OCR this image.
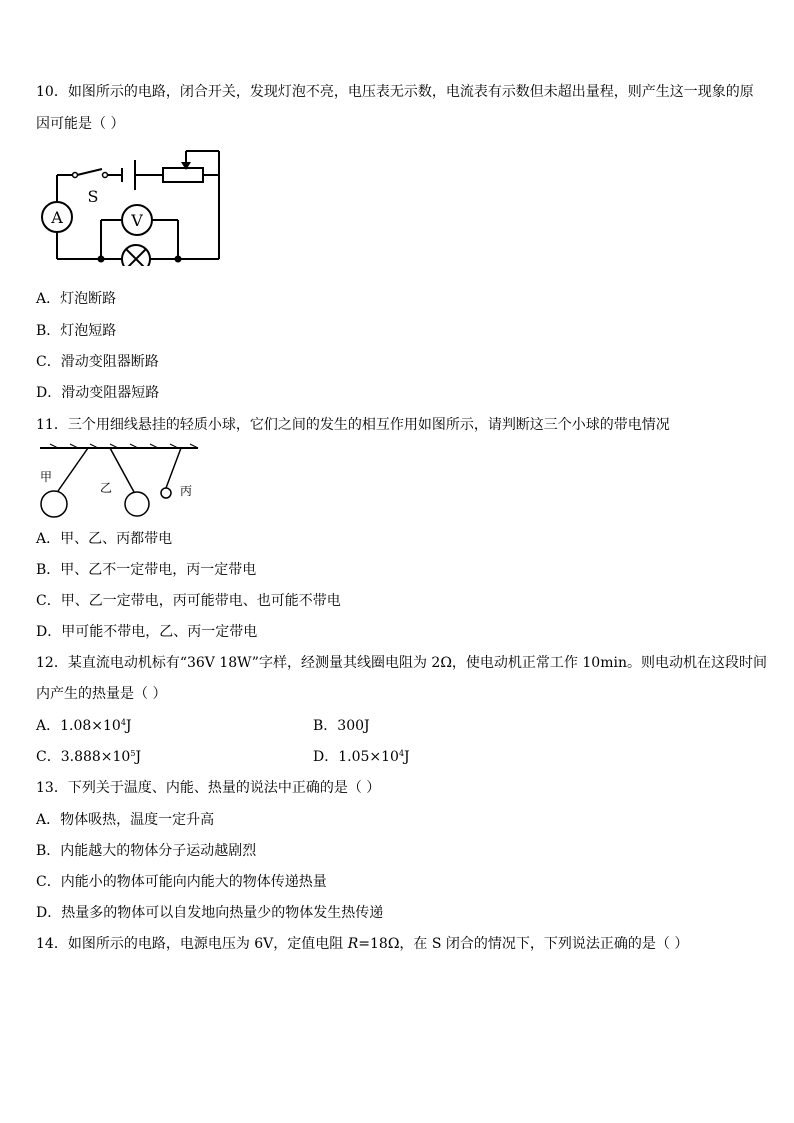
10．如图所示的电路，闭合开关，发现灯泡不亮，电压表无示数，电流表有示数但未超出量程，则产生这一现象的原
因可能是（ ）
A	V
S
A．灯泡断路
B．灯泡短路
C．滑动变阻器断路
D．滑动变阻器短路
11．三个用细线悬挂的轻质小球，它们之间的发生的相互作用如图所示，请判断这三个小球的带电情况
甲
乙	丙
A．甲、乙、丙都带电
B．甲、乙不一定带电，丙一定带电
C．甲、乙一定带电，丙可能带电、也可能不带电
D．甲可能不带电，乙、丙一定带电
12．某直流电动机标有“36V 18W”字样，经测量其线圈电阻为 2Ω，使电动机正常工作 10min。则电动机在这段时间
内产生的热量是（ ）
A．$1.08\times 10^4J$	B．300J
C．$3.888\times 10^5J$	D．$1.05\times 10^4J$
13．下列关于温度、内能、热量的说法中正确的是（ ）
A．物体吸热，温度一定升高
B．内能越大的物体分子运动越剧烈
C．内能小的物体可能向内能大的物体传递热量
D．热量多的物体可以自发地向热量少的物体发生热传递
14．如图所示的电路，电源电压为 6V，定值电阻 R=18Ω，在 S 闭合的情况下，下列说法正确的是（ ）
